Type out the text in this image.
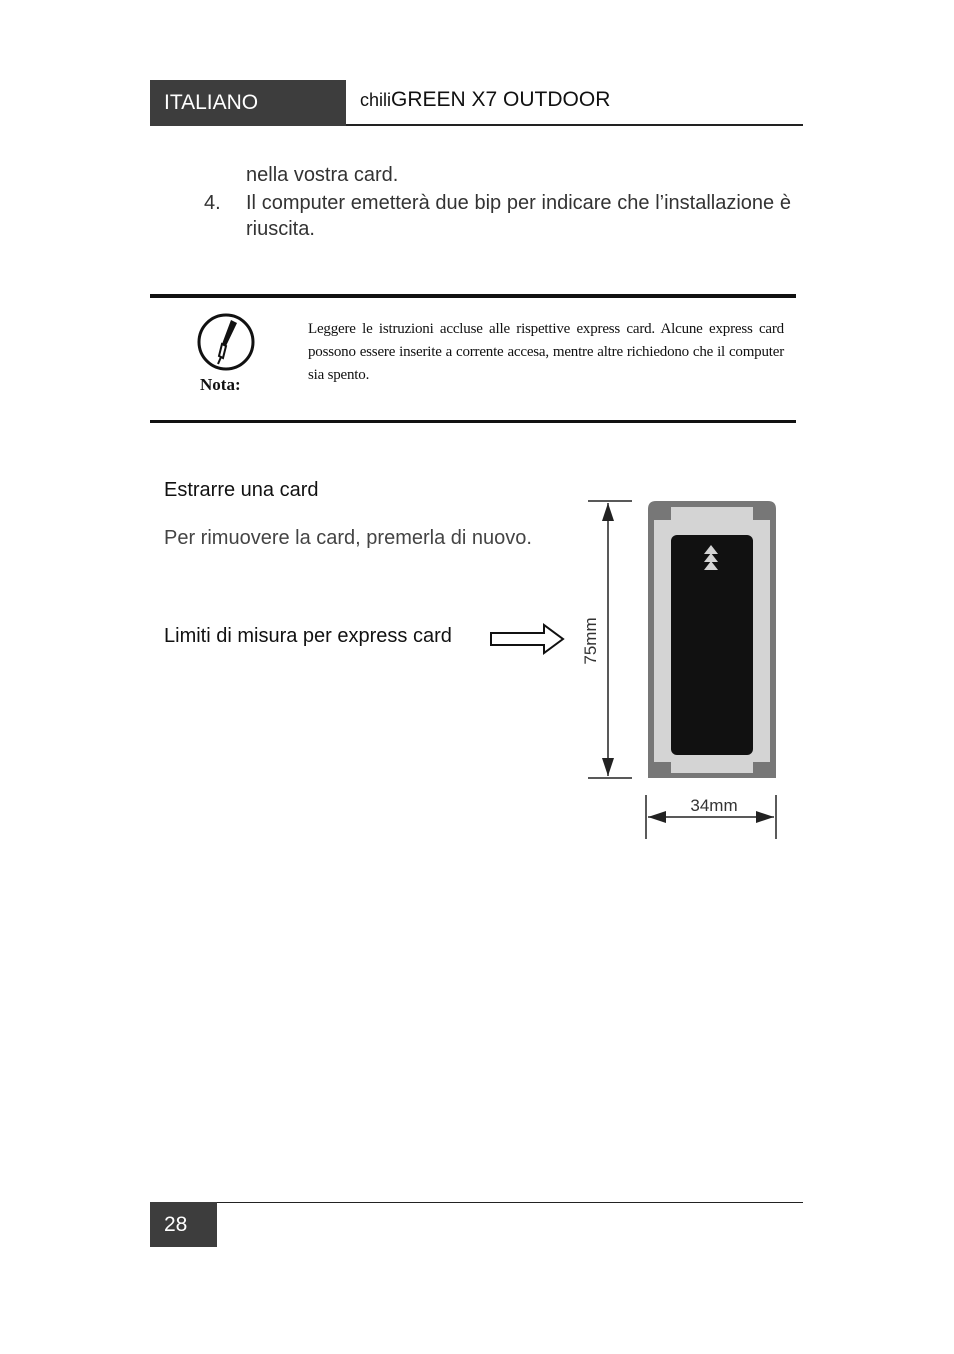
ITALIANO	chiliGREEN X7 OUTDOOR
nella vostra card.
4. Il computer emetterà due bip per indicare che l’installazione è riuscita.
Nota:
Leggere le istruzioni accluse alle rispettive express card. Alcune express card possono essere inserite a corrente accesa, mentre altre richiedono che il computer sia spento.
Estrarre una card
Per rimuovere la card, premerla di nuovo.
Limiti di misura per express card	75mm
34mm
28
